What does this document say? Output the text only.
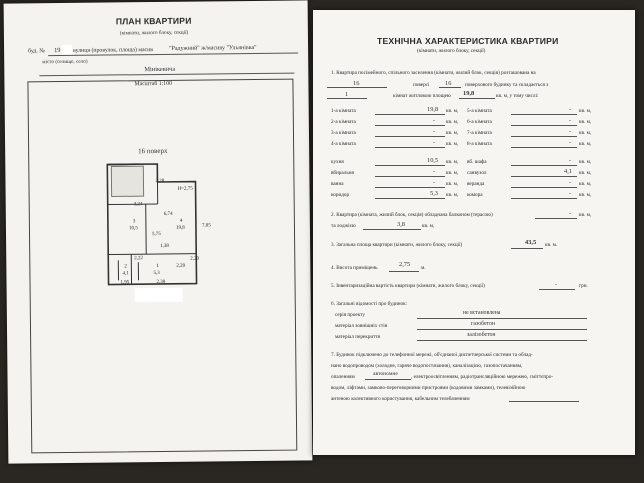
ПЛАН КВАРТИРИ
(кімнати, жилого блоку, секції)
буд. № 19 вулиця (провулок, площа) масив	"Радужний" ж/масиву "Ульянівка"
місто (селище, село)
Мінікевича
Масштаб 1:100
16 поверх
3,28
Н=2,75
3,24
3
10,5
4
19,8
5,75
6,74
7,05
1,38
2,22
2
4,1
1
5,3
2,20
1,95	2,39
2,20
ТЕХНІЧНА ХАРАКТЕРИСТИКА КВАРТИРИ
(кімнати, жилого блоку, секції)
1. Квартира посімейного, спільного заселення (кімнати, жилий блок, секція) розташована на
16	поверсі 16	поверхового будинку та складається з
1	кімнат житловою площею 19,8	кв. м, у тому числі:
1-а кімната	19,8 кв. м,
2-а кімната	- кв. м,
3-а кімната	- кв. м,
4-а кімната	- кв. м,
5-а кімната	- кв. м,
6-а кімната	- кв. м,
7-а кімната	- кв. м,
8-а кімната	- кв. м,
кухня	10,5 кв. м,
вбиральня	- кв. м,
ванна	- кв. м,
коридор	5,3 кв. м,
вб. шафа	- кв. м,
санвузол	4,1 кв. м,
веранда	- кв. м,
комора	- кв. м,
2. Квартира (кімната, жилий блок, секція) обладнана балконом (терасою)	- кв. м,
та лоджією	3,8	кв. м,
3. Загальна площа квартири (кімнати, жилого блоку, секції)	43,5 кв. м.
4. Висота приміщень	2,75 м.
5. Інвентаризаційна вартість квартири (кімнати, жилого блоку, секції)	-	грн.
6. Загальні відомості про будинок:
серія проекту	не встановлена
матеріал зовнішніх стін	газобетон
матеріал перекриття	залізобетон
7. Будинок підключено до телефонної мережі, об'єднаної диспетчерської системи та облад-
нано водопроводом (холодне, гаряче водопостачання), каналізацією, газопостачанням,
опаленням	автономне	, електроосвітленням, радіотрансляційною мережею, сміттєпро-
водом, ліфтами, замково-переговорними пристроями (кодовими замками), телевізійною
антеною колективного користування, кабельним телебаченням
